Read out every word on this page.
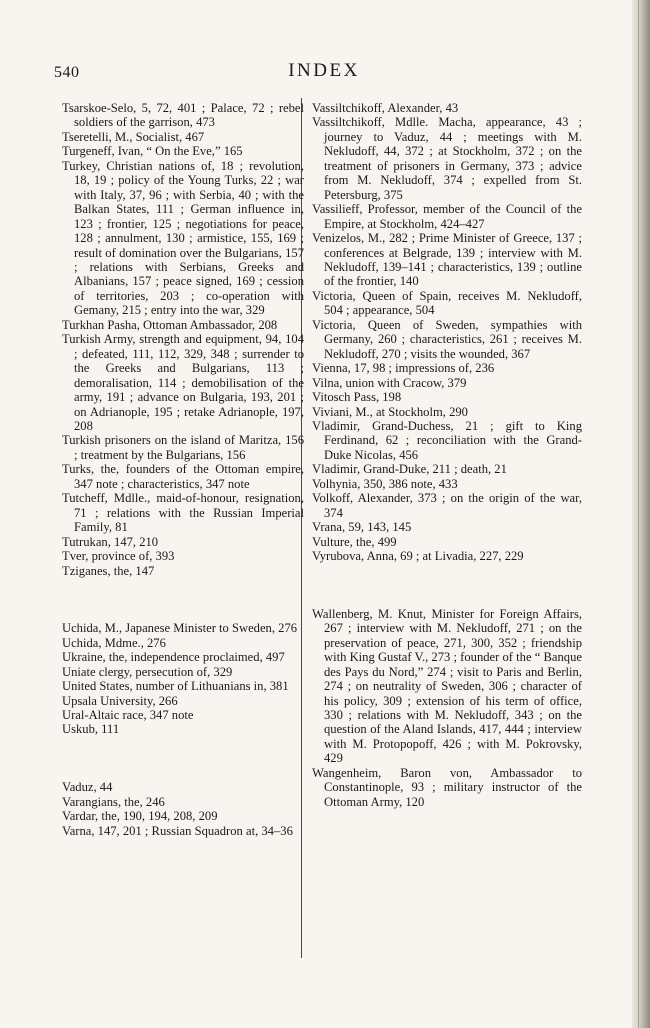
540	INDEX
Tsarskoe-Selo, 5, 72, 401 ; Palace, 72 ; rebel soldiers of the garrison, 473
Tseretelli, M., Socialist, 467
Turgeneff, Ivan, “ On the Eve,” 165
Turkey, Christian nations of, 18 ; revolution, 18, 19 ; policy of the Young Turks, 22 ; war with Italy, 37, 96 ; with Serbia, 40 ; with the Balkan States, 111 ; German influence in, 123 ; frontier, 125 ; negotiations for peace, 128 ; annulment, 130 ; armistice, 155, 169 ; result of domination over the Bulgarians, 157 ; relations with Serbians, Greeks and Albanians, 157 ; peace signed, 169 ; cession of territories, 203 ; co-operation with Gemany, 215 ; entry into the war, 329
Turkhan Pasha, Ottoman Ambassador, 208
Turkish Army, strength and equipment, 94, 104 ; defeated, 111, 112, 329, 348 ; surrender to the Greeks and Bulgarians, 113 ; demoralisation, 114 ; demobilisation of the army, 191 ; advance on Bulgaria, 193, 201 ; on Adrianople, 195 ; retake Adrianople, 197, 208
Turkish prisoners on the island of Maritza, 156 ; treatment by the Bulgarians, 156
Turks, the, founders of the Ottoman empire, 347 note ; characteristics, 347 note
Tutcheff, Mdlle., maid-of-honour, resignation, 71 ; relations with the Russian Imperial Family, 81
Tutrukan, 147, 210
Tver, province of, 393
Tziganes, the, 147
Uchida, M., Japanese Minister to Sweden, 276
Uchida, Mdme., 276
Ukraine, the, independence proclaimed, 497
Uniate clergy, persecution of, 329
United States, number of Lithuanians in, 381
Upsala University, 266
Ural-Altaic race, 347 note
Uskub, 111
Vaduz, 44
Varangians, the, 246
Vardar, the, 190, 194, 208, 209
Varna, 147, 201 ; Russian Squadron at, 34–36
Vassiltchikoff, Alexander, 43
Vassiltchikoff, Mdlle. Macha, appearance, 43 ; journey to Vaduz, 44 ; meetings with M. Nekludoff, 44, 372 ; at Stockholm, 372 ; on the treatment of prisoners in Germany, 373 ; advice from M. Nekludoff, 374 ; expelled from St. Petersburg, 375
Vassilieff, Professor, member of the Council of the Empire, at Stockholm, 424–427
Venizelos, M., 282 ; Prime Minister of Greece, 137 ; conferences at Belgrade, 139 ; interview with M. Nekludoff, 139–141 ; characteristics, 139 ; outline of the frontier, 140
Victoria, Queen of Spain, receives M. Nekludoff, 504 ; appearance, 504
Victoria, Queen of Sweden, sympathies with Germany, 260 ; characteristics, 261 ; receives M. Nekludoff, 270 ; visits the wounded, 367
Vienna, 17, 98 ; impressions of, 236
Vilna, union with Cracow, 379
Vitosch Pass, 198
Viviani, M., at Stockholm, 290
Vladimir, Grand-Duchess, 21 ; gift to King Ferdinand, 62 ; reconciliation with the Grand-Duke Nicolas, 456
Vladimir, Grand-Duke, 211 ; death, 21
Volhynia, 350, 386 note, 433
Volkoff, Alexander, 373 ; on the origin of the war, 374
Vrana, 59, 143, 145
Vulture, the, 499
Vyrubova, Anna, 69 ; at Livadia, 227, 229
Wallenberg, M. Knut, Minister for Foreign Affairs, 267 ; interview with M. Nekludoff, 271 ; on the preservation of peace, 271, 300, 352 ; friendship with King Gustaf V., 273 ; founder of the “ Banque des Pays du Nord,” 274 ; visit to Paris and Berlin, 274 ; on neutrality of Sweden, 306 ; character of his policy, 309 ; extension of his term of office, 330 ; relations with M. Nekludoff, 343 ; on the question of the Aland Islands, 417, 444 ; interview with M. Protopopoff, 426 ; with M. Pokrovsky, 429
Wangenheim, Baron von, Ambassador to Constantinople, 93 ; military instructor of the Ottoman Army, 120
